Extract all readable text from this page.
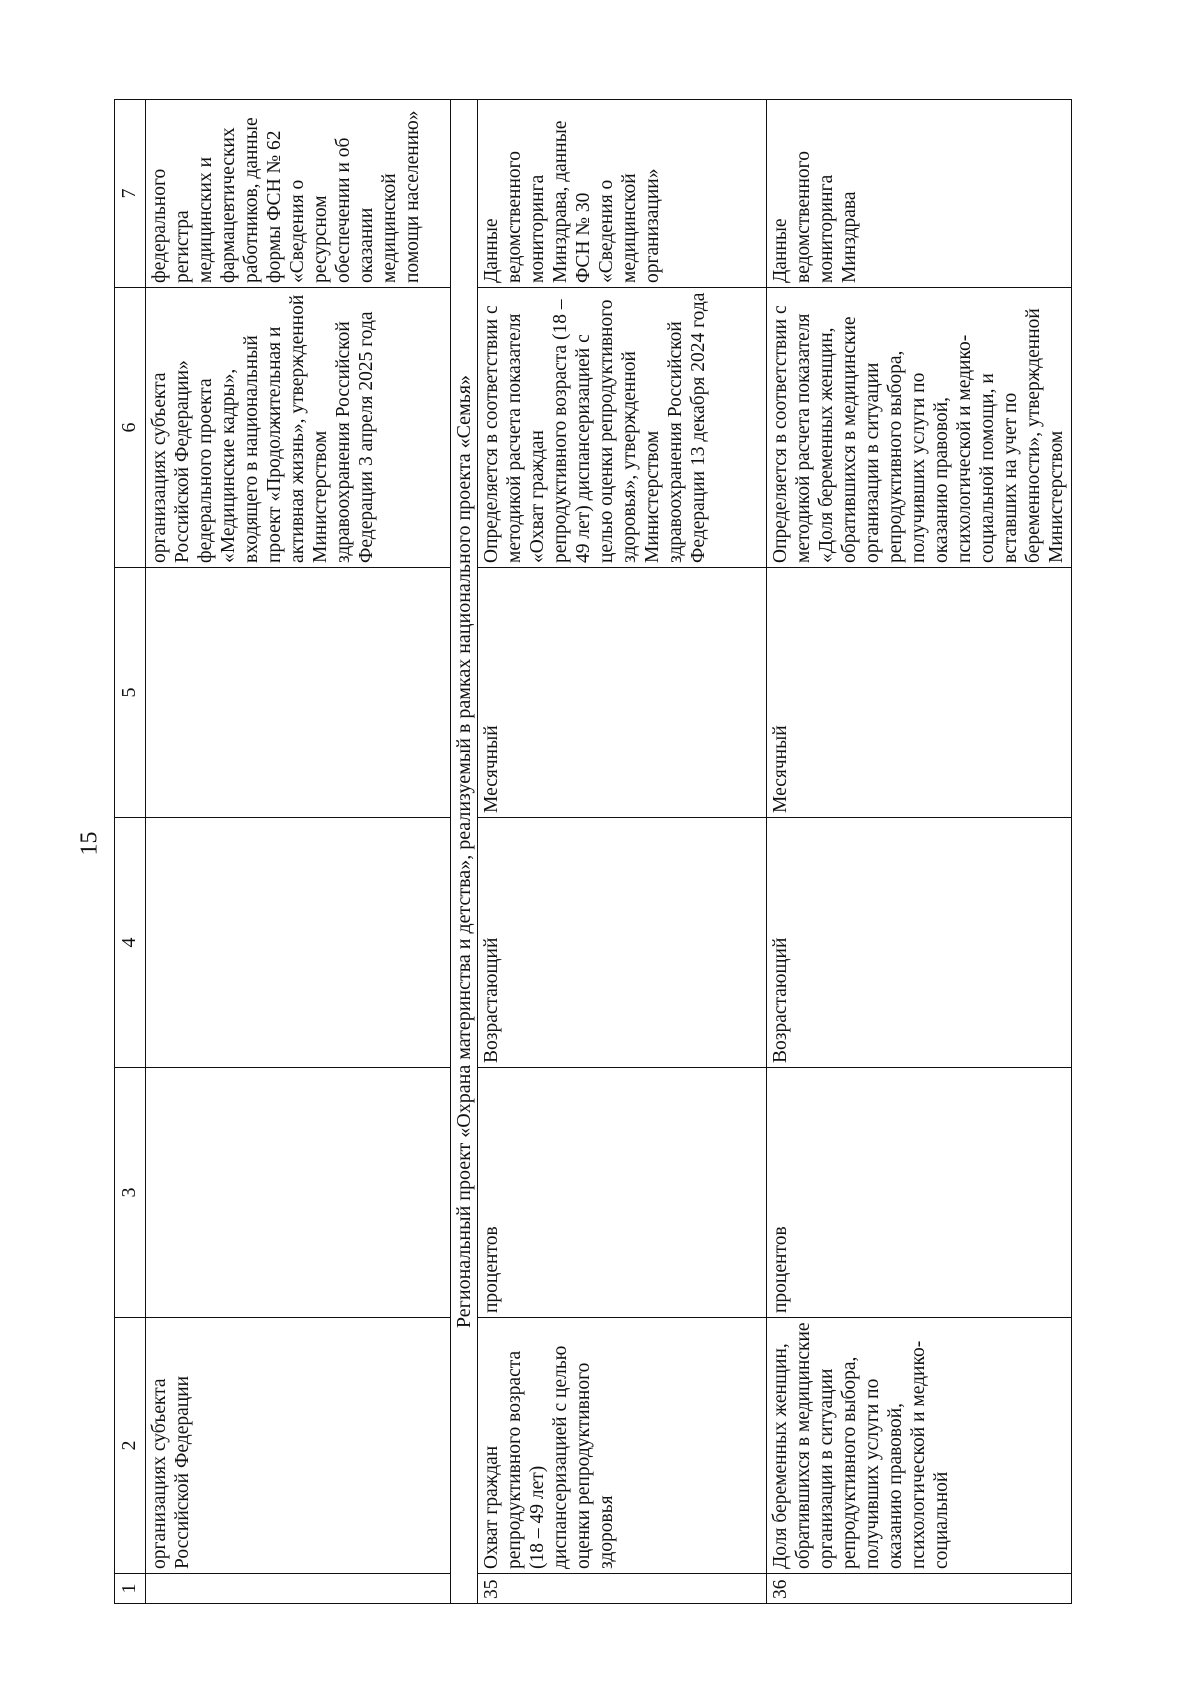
15
1	2	3	4	5	6	7
	организациях субъекта Российской Федерации				организациях субъекта Российской Федерации» федерального проекта «Медицинские кадры», входящего в национальный проект «Продолжительная и активная жизнь», утвержденной Министерством здравоохранения Российской Федерации 3 апреля 2025 года	федерального регистра медицинских и фармацевтических работников, данные формы ФСН № 62 «Сведения о ресурсном обеспечении и об оказании медицинской помощи населению»
Региональный проект «Охрана материнства и детства», реализуемый в рамках национального проекта «Семья»						
35	Охват граждан репродуктивного возраста (18 – 49 лет) диспансеризацией с целью оценки репродуктивного здоровья	процентов	Возрастающий	Месячный	Определяется в соответствии с методикой расчета показателя «Охват граждан репродуктивного возраста (18 – 49 лет) диспансеризацией с целью оценки репродуктивного здоровья», утвержденной Министерством здравоохранения Российской Федерации 13 декабря 2024 года	Данные ведомственного мониторинга Минздрава, данные ФСН № 30 «Сведения о медицинской организации»
36	Доля беременных женщин, обратившихся в медицинские организации в ситуации репродуктивного выбора, получивших услуги по оказанию правовой, психологической и медико-социальной	процентов	Возрастающий	Месячный	Определяется в соответствии с методикой расчета показателя «Доля беременных женщин, обратившихся в медицинские организации в ситуации репродуктивного выбора, получивших услуги по оказанию правовой, психологической и медико-социальной помощи, и вставших на учет по беременности», утвержденной Министерством	Данные ведомственного мониторинга Минздрава
